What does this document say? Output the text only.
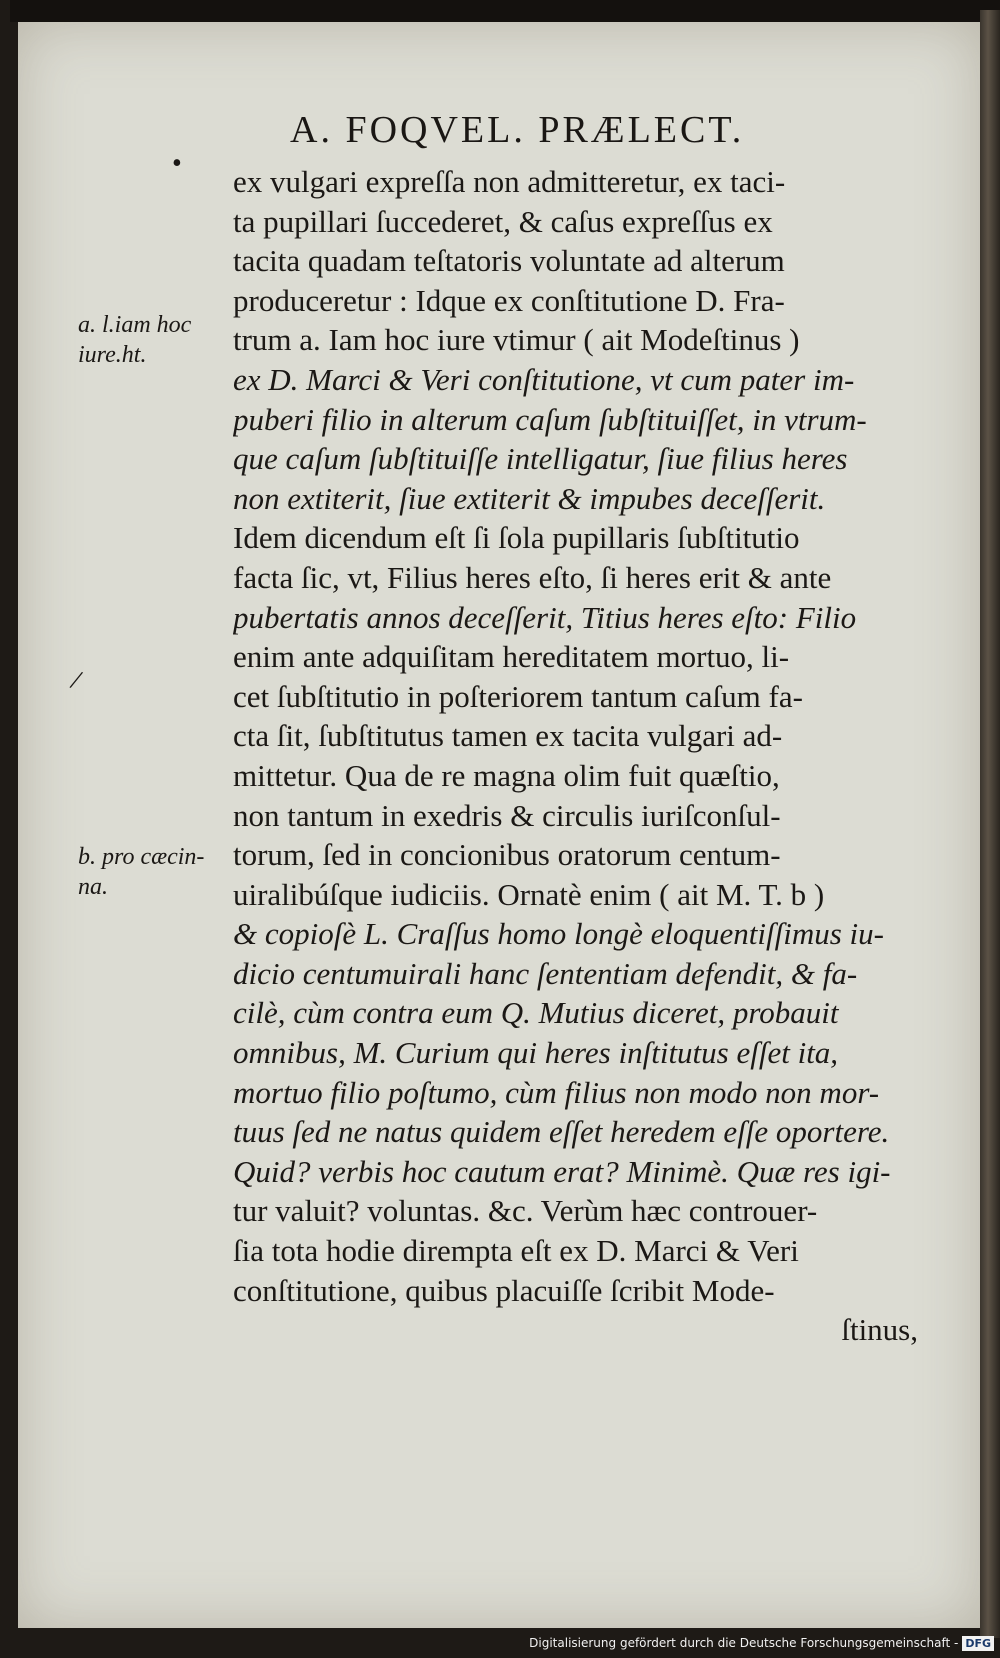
A. FOQVEL. PRÆLECT.
•
/
a. l.iam hoc
iure.ht.
b. pro cæcin-
na.
ex vulgari expreſſa non admitteretur, ex taci-
ta pupillari ſuccederet, & caſus expreſſus ex
tacita quadam teſtatoris voluntate ad alterum
produceretur : Idque ex conſtitutione D. Fra-
trum a. Iam hoc iure vtimur ( ait Modeſtinus )
ex D. Marci & Veri conſtitutione, vt cum pater im-
puberi filio in alterum caſum ſubſtituiſſet, in vtrum-
que caſum ſubſtituiſſe intelligatur, ſiue filius heres
non extiterit, ſiue extiterit & impubes deceſſerit.
Idem dicendum eſt ſi ſola pupillaris ſubſtitutio
facta ſic, vt, Filius heres eſto, ſi heres erit & ante
pubertatis annos deceſſerit, Titius heres eſto: Filio
enim ante adquiſitam hereditatem mortuo, li-
cet ſubſtitutio in poſteriorem tantum caſum fa-
cta ſit, ſubſtitutus tamen ex tacita vulgari ad-
mittetur. Qua de re magna olim fuit quæſtio,
non tantum in exedris & circulis iuriſconſul-
torum, ſed in concionibus oratorum centum-
uiralibúſque iudiciis. Ornatè enim ( ait M. T. b )
& copioſè L. Craſſus homo longè eloquentiſſimus iu-
dicio centumuirali hanc ſententiam defendit, & fa-
cilè, cùm contra eum Q. Mutius diceret, probauit
omnibus, M. Curium qui heres inſtitutus eſſet ita,
mortuo filio poſtumo, cùm filius non modo non mor-
tuus ſed ne natus quidem eſſet heredem eſſe oportere.
Quid? verbis hoc cautum erat? Minimè. Quæ res igi-
tur valuit? voluntas. &c. Verùm hæc controuer-
ſia tota hodie dirempta eſt ex D. Marci & Veri
conſtitutione, quibus placuiſſe ſcribit Mode-
ſtinus,
Digitalisierung gefördert durch die Deutsche Forschungsgemeinschaft - DFG
